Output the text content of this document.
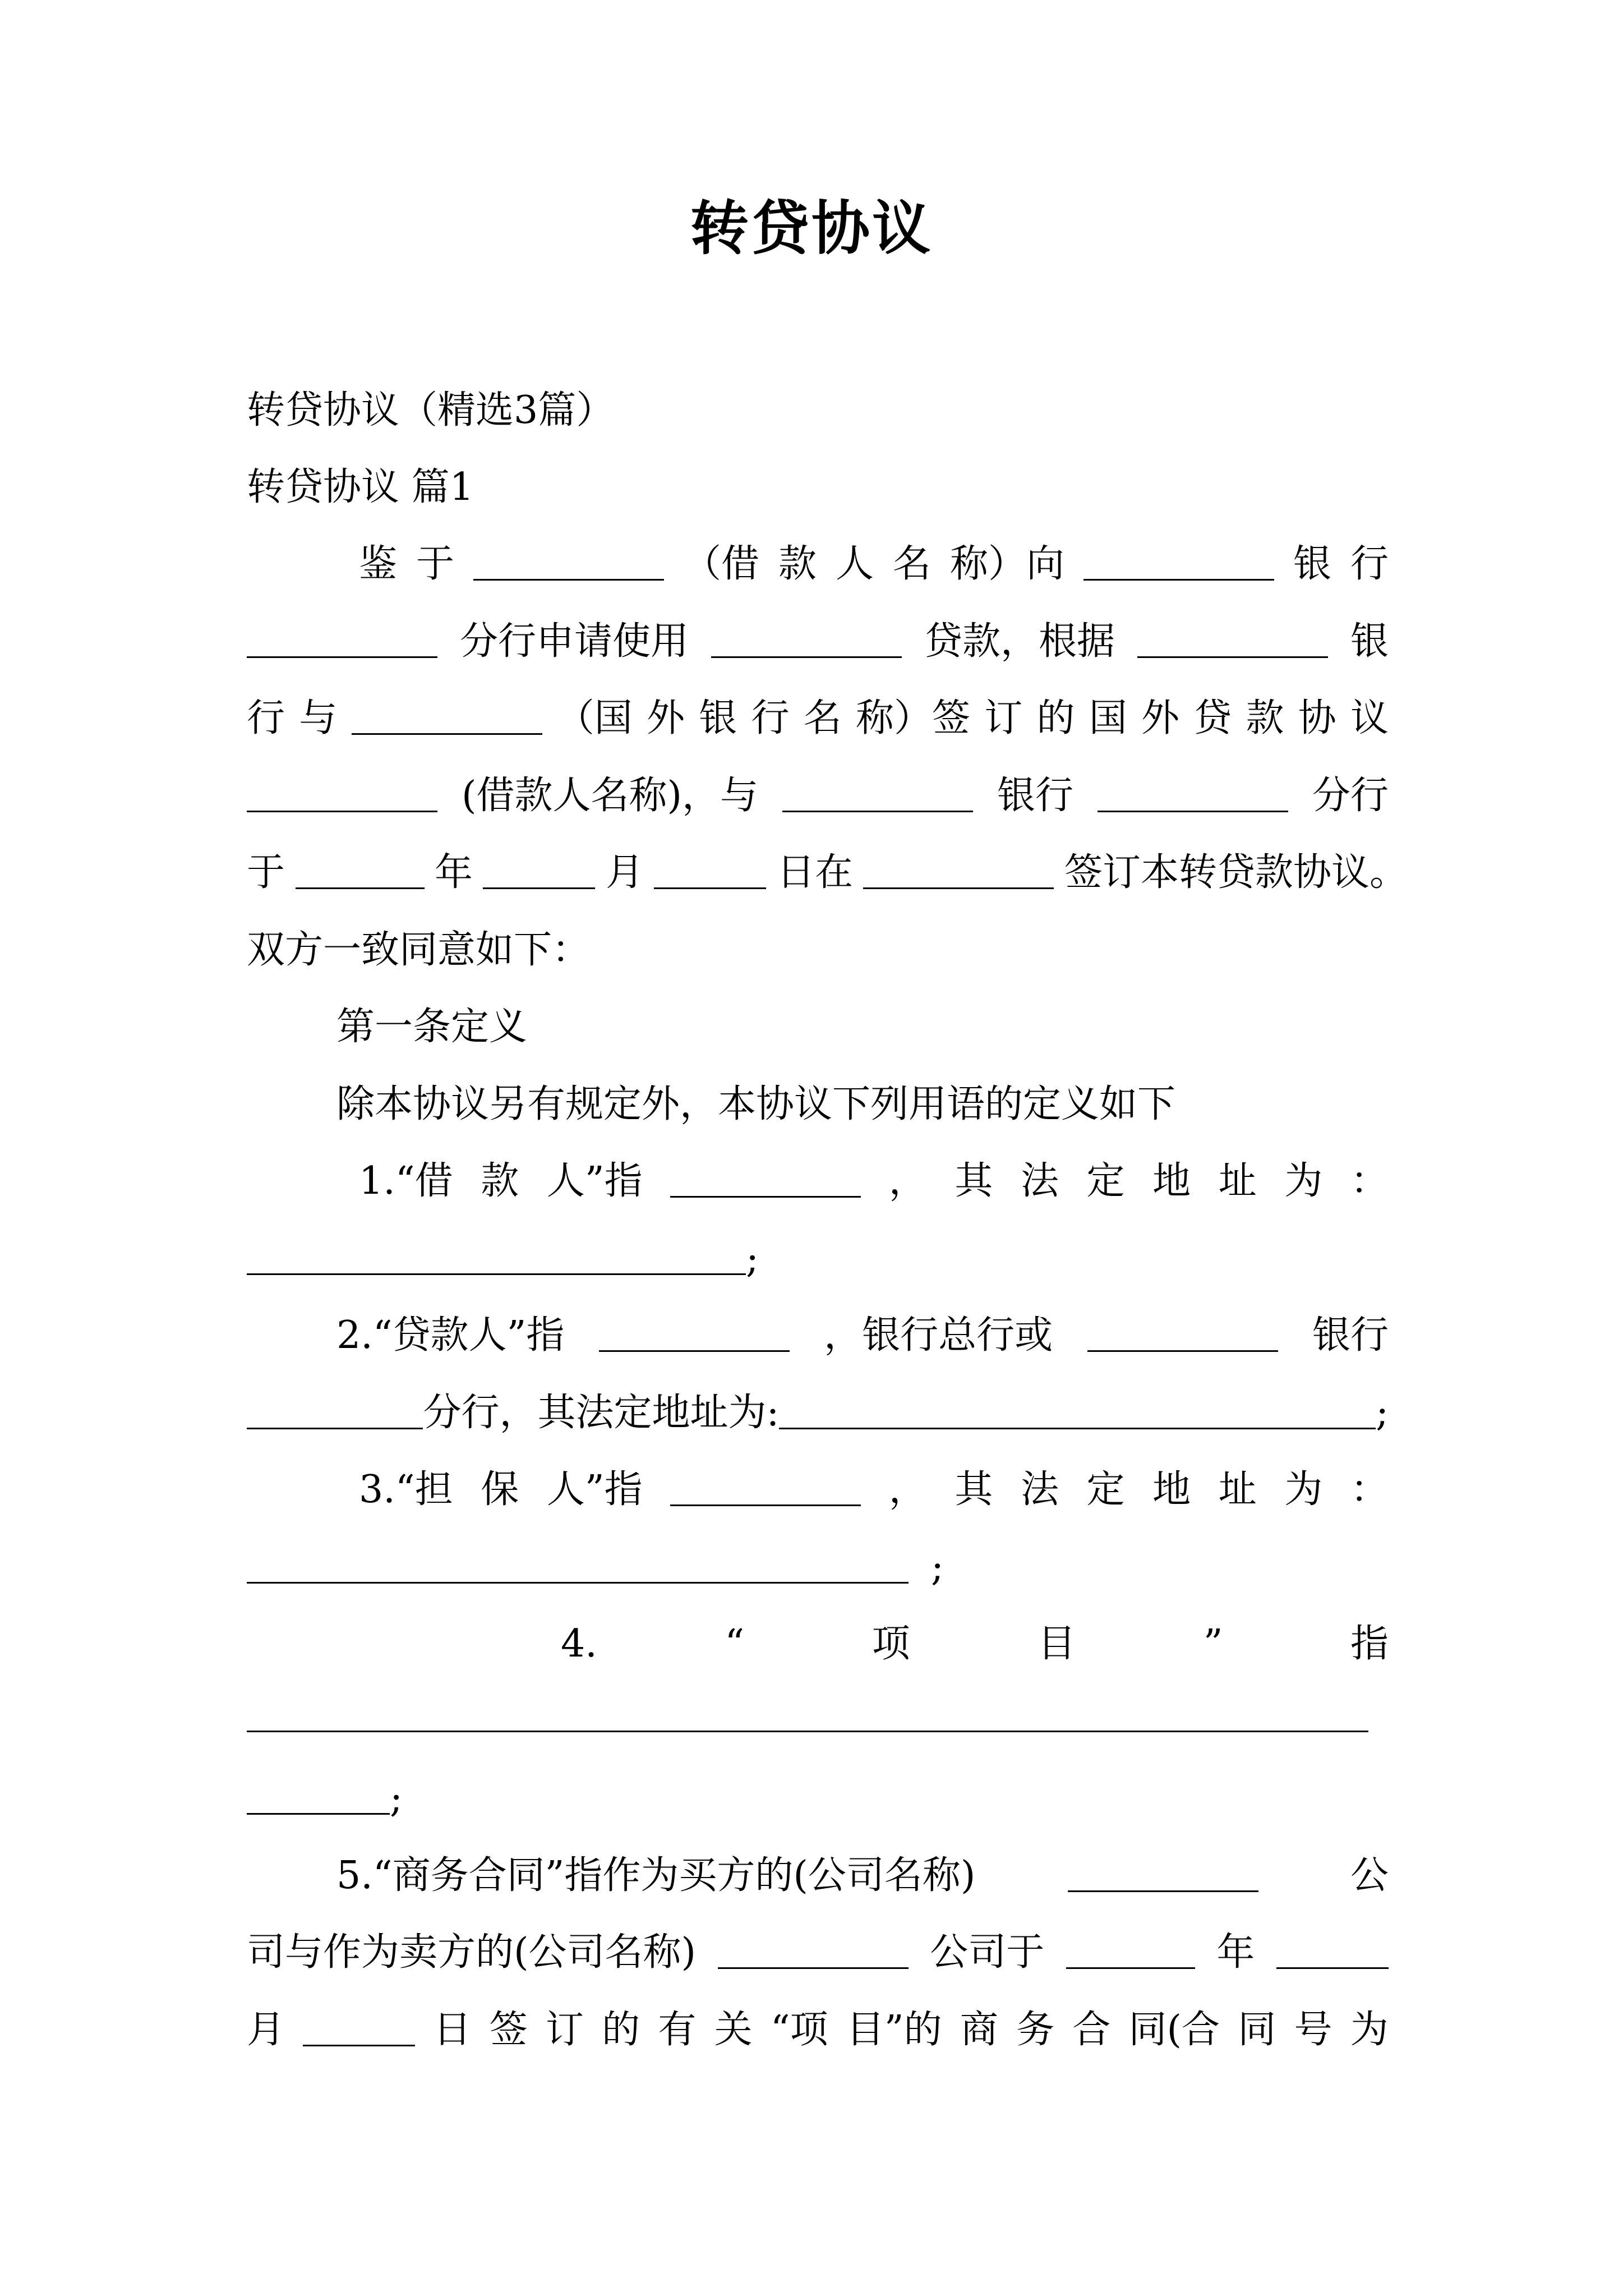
转贷协议
转贷协议（精选3篇）
转贷协议 篇1
鉴 于	（借 款 人 名 称）向	银 行
分行申请使用	贷款，根据	银
行 与	（国 外 银 行 名 称）签 订 的 国 外 贷 款 协 议
(借款人名称)，与	银行	分行
于	年	月	日在	签订本转贷款协议。
双方一致同意如下：
第一条定义
除本协议另有规定外，本协议下列用语的定义如下
1.“借 款 人”指	， 其 法 定 地 址 为 ：
;
2.“贷款人”指	，银行总行或	银行
分行，其法定地址为:	;
3.“担 保 人”指	， 其 法 定 地 址 为 ：
;
4.	“	项	目	”	指
;
5.“商务合同”指作为买方的(公司名称)	公
司与作为卖方的(公司名称)	公司于	年
月	日 签 订 的 有 关 “项 目”的 商 务 合 同(合 同 号 为
